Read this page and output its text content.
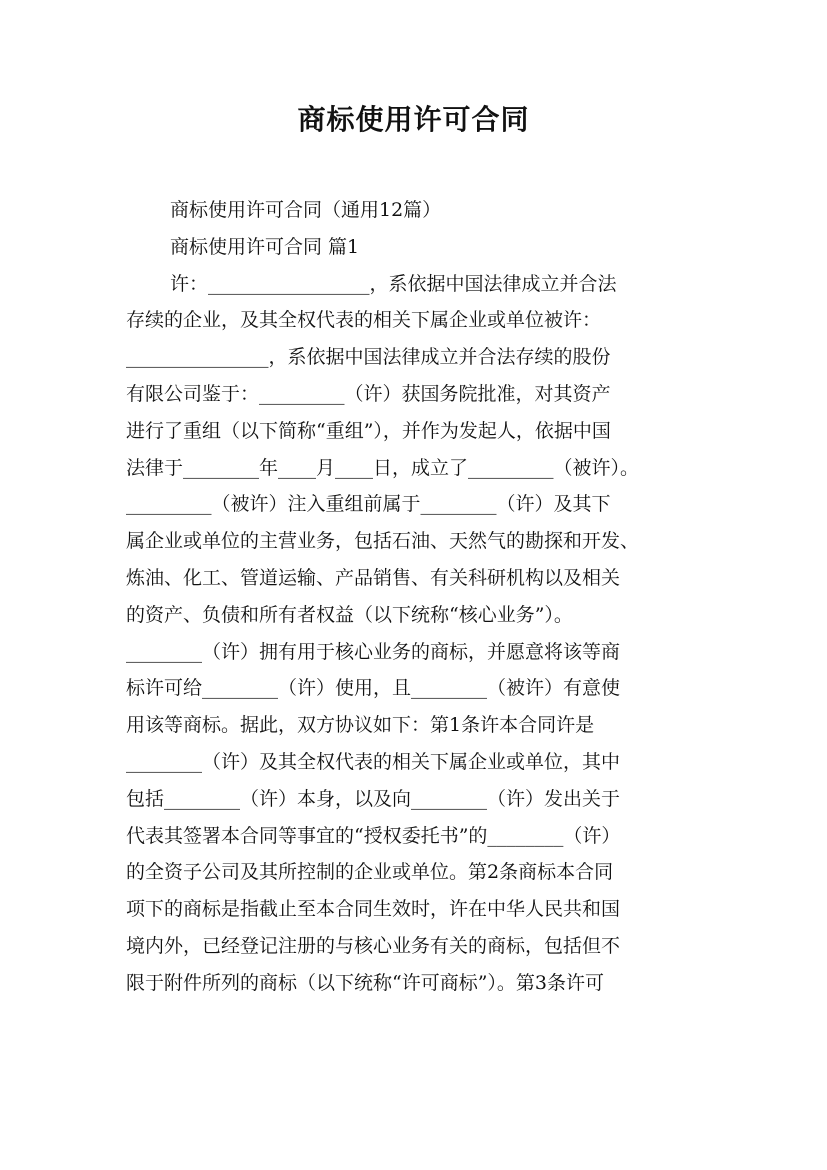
商标使用许可合同
商标使用许可合同（通用12篇）
商标使用许可合同 篇1
许：_________________，系依据中国法律成立并合法
存续的企业，及其全权代表的相关下属企业或单位被许：
_______________，系依据中国法律成立并合法存续的股份
有限公司鉴于：_________（许）获国务院批准，对其资产
进行了重组（以下简称“重组”），并作为发起人，依据中国
法律于________年____月____日，成立了_________（被许）。
_________（被许）注入重组前属于________（许）及其下
属企业或单位的主营业务，包括石油、天然气的勘探和开发、
炼油、化工、管道运输、产品销售、有关科研机构以及相关
的资产、负债和所有者权益（以下统称“核心业务”）。
________（许）拥有用于核心业务的商标，并愿意将该等商
标许可给________（许）使用，且________（被许）有意使
用该等商标。据此，双方协议如下：第1条许本合同许是
________（许）及其全权代表的相关下属企业或单位，其中
包括________（许）本身，以及向________（许）发出关于
代表其签署本合同等事宜的“授权委托书”的________（许）
的全资子公司及其所控制的企业或单位。第2条商标本合同
项下的商标是指截止至本合同生效时，许在中华人民共和国
境内外，已经登记注册的与核心业务有关的商标，包括但不
限于附件所列的商标（以下统称“许可商标”）。第3条许可
